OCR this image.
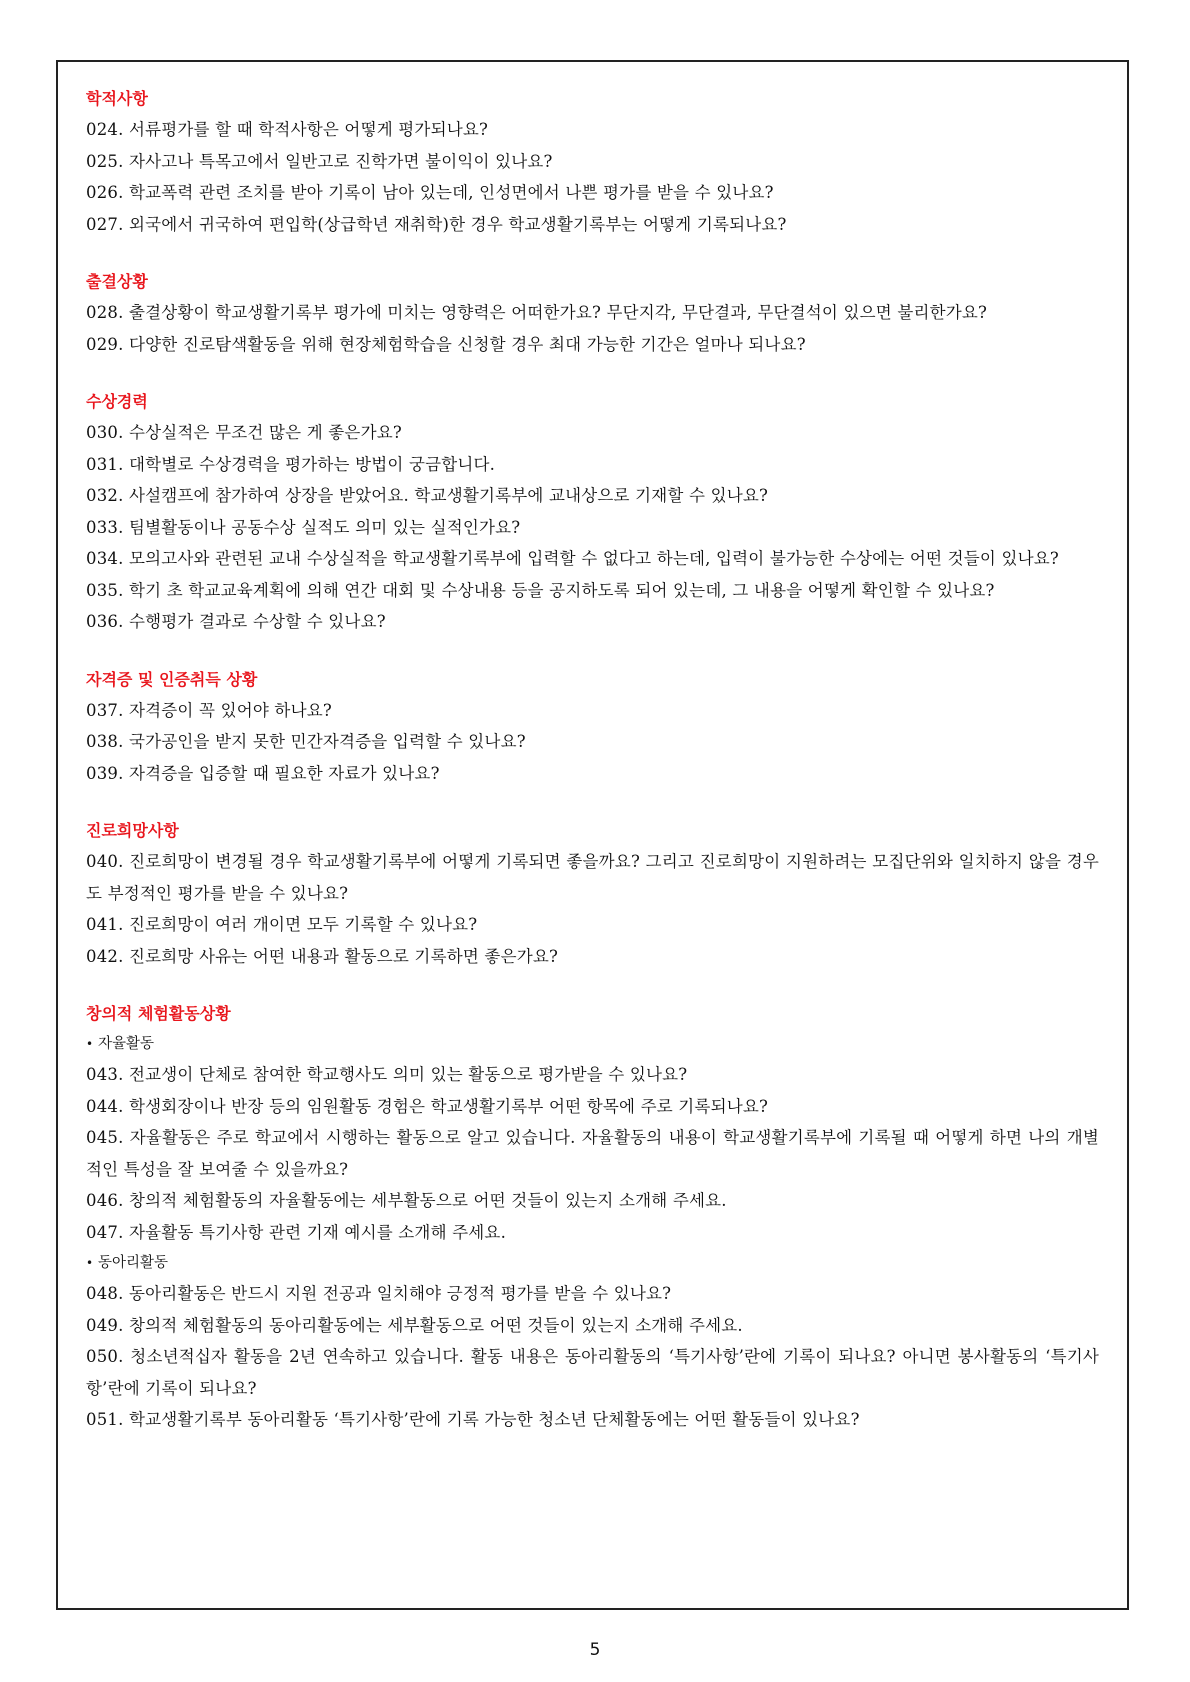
학적사항
024. 서류평가를 할 때 학적사항은 어떻게 평가되나요?
025. 자사고나 특목고에서 일반고로 진학가면 불이익이 있나요?
026. 학교폭력 관련 조치를 받아 기록이 남아 있는데, 인성면에서 나쁜 평가를 받을 수 있나요?
027. 외국에서 귀국하여 편입학(상급학년 재취학)한 경우 학교생활기록부는 어떻게 기록되나요?
출결상황
028. 출결상황이 학교생활기록부 평가에 미치는 영향력은 어떠한가요? 무단지각, 무단결과, 무단결석이 있으면 불리한가요?
029. 다양한 진로탐색활동을 위해 현장체험학습을 신청할 경우 최대 가능한 기간은 얼마나 되나요?
수상경력
030. 수상실적은 무조건 많은 게 좋은가요?
031. 대학별로 수상경력을 평가하는 방법이 궁금합니다.
032. 사설캠프에 참가하여 상장을 받았어요. 학교생활기록부에 교내상으로 기재할 수 있나요?
033. 팀별활동이나 공동수상 실적도 의미 있는 실적인가요?
034. 모의고사와 관련된 교내 수상실적을 학교생활기록부에 입력할 수 없다고 하는데, 입력이 불가능한 수상에는 어떤 것들이 있나요?
035. 학기 초 학교교육계획에 의해 연간 대회 및 수상내용 등을 공지하도록 되어 있는데, 그 내용을 어떻게 확인할 수 있나요?
036. 수행평가 결과로 수상할 수 있나요?
자격증 및 인증취득 상황
037. 자격증이 꼭 있어야 하나요?
038. 국가공인을 받지 못한 민간자격증을 입력할 수 있나요?
039. 자격증을 입증할 때 필요한 자료가 있나요?
진로희망사항
040. 진로희망이 변경될 경우 학교생활기록부에 어떻게 기록되면 좋을까요? 그리고 진로희망이 지원하려는 모집단위와 일치하지 않을 경우도 부정적인 평가를 받을 수 있나요?
041. 진로희망이 여러 개이면 모두 기록할 수 있나요?
042. 진로희망 사유는 어떤 내용과 활동으로 기록하면 좋은가요?
창의적 체험활동상황
• 자율활동
043. 전교생이 단체로 참여한 학교행사도 의미 있는 활동으로 평가받을 수 있나요?
044. 학생회장이나 반장 등의 임원활동 경험은 학교생활기록부 어떤 항목에 주로 기록되나요?
045. 자율활동은 주로 학교에서 시행하는 활동으로 알고 있습니다. 자율활동의 내용이 학교생활기록부에 기록될 때 어떻게 하면 나의 개별적인 특성을 잘 보여줄 수 있을까요?
046. 창의적 체험활동의 자율활동에는 세부활동으로 어떤 것들이 있는지 소개해 주세요.
047. 자율활동 특기사항 관련 기재 예시를 소개해 주세요.
• 동아리활동
048. 동아리활동은 반드시 지원 전공과 일치해야 긍정적 평가를 받을 수 있나요?
049. 창의적 체험활동의 동아리활동에는 세부활동으로 어떤 것들이 있는지 소개해 주세요.
050. 청소년적십자 활동을 2년 연속하고 있습니다. 활동 내용은 동아리활동의 ‘특기사항’란에 기록이 되나요? 아니면 봉사활동의 ‘특기사항’란에 기록이 되나요?
051. 학교생활기록부 동아리활동 ‘특기사항’란에 기록 가능한 청소년 단체활동에는 어떤 활동들이 있나요?
5
